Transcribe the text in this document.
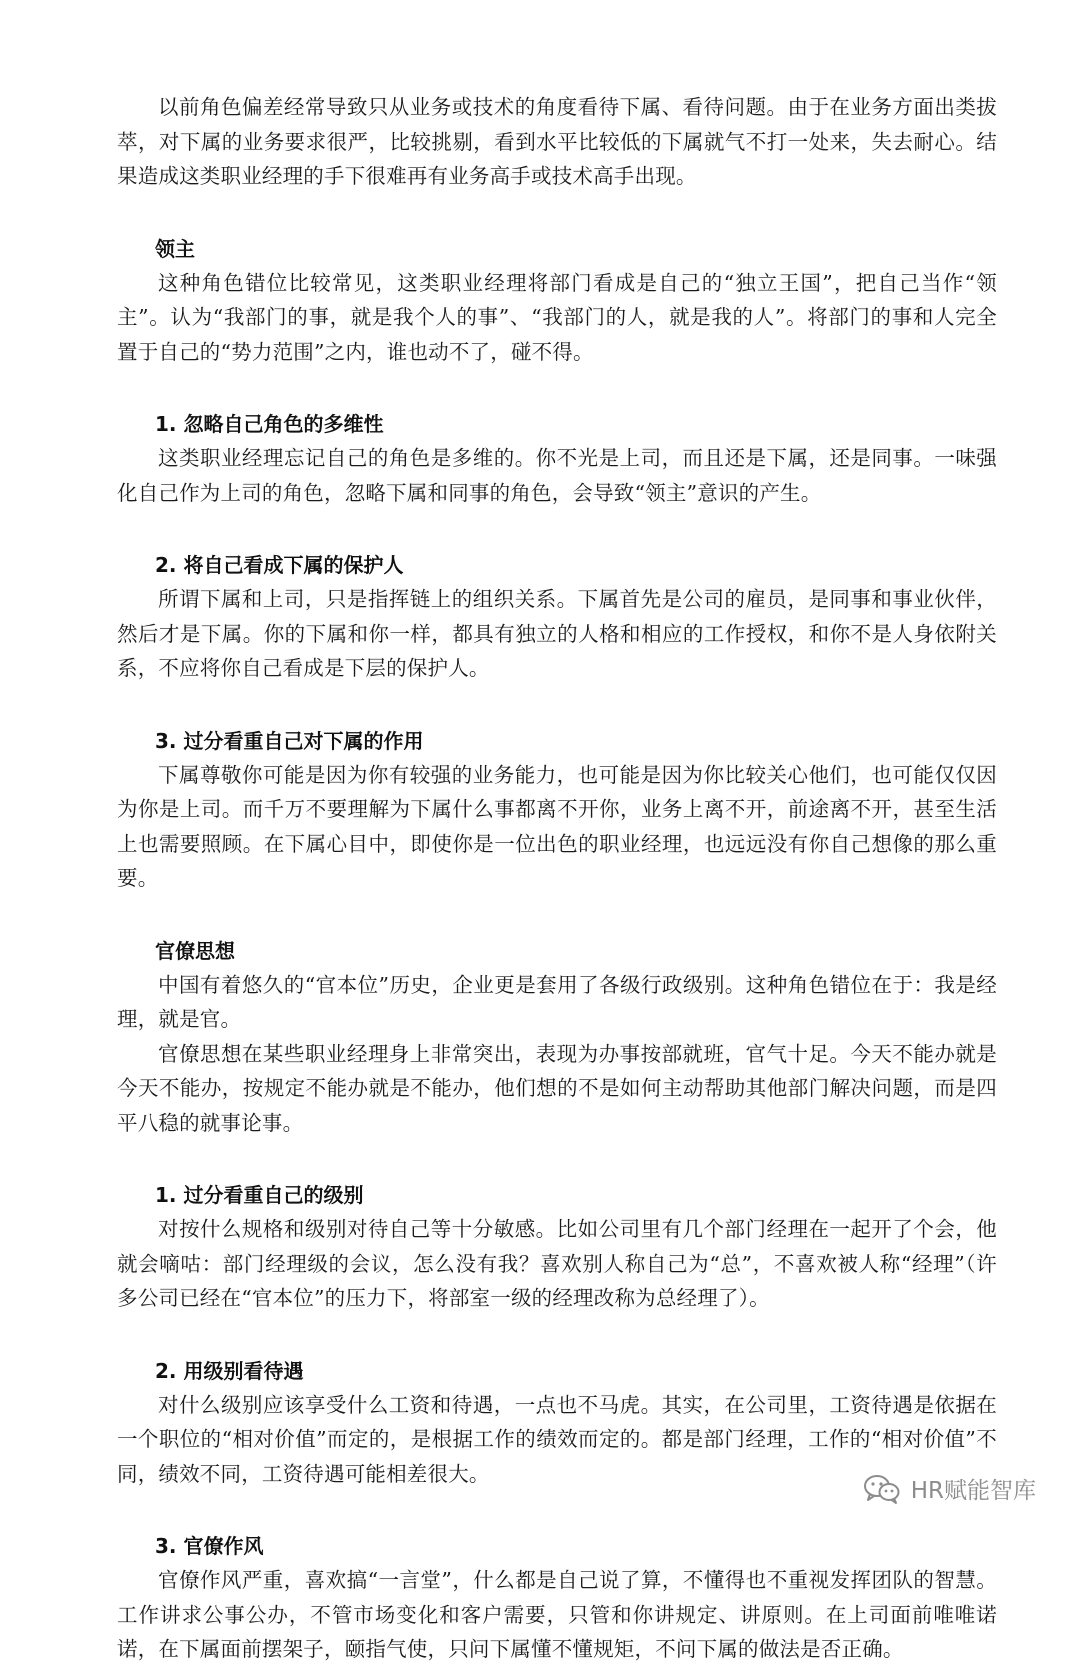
以前角色偏差经常导致只从业务或技术的角度看待下属、看待问题。由于在业务方面出类拔萃，对下属的业务要求很严，比较挑剔，看到水平比较低的下属就气不打一处来，失去耐心。结果造成这类职业经理的手下很难再有业务高手或技术高手出现。

领主

这种角色错位比较常见，这类职业经理将部门看成是自己的“独立王国”，把自己当作“领主”。认为“我部门的事，就是我个人的事”、“我部门的人，就是我的人”。将部门的事和人完全置于自己的“势力范围”之内，谁也动不了，碰不得。

1. 忽略自己角色的多维性

这类职业经理忘记自己的角色是多维的。你不光是上司，而且还是下属，还是同事。一味强化自己作为上司的角色，忽略下属和同事的角色，会导致“领主”意识的产生。

2. 将自己看成下属的保护人

所谓下属和上司，只是指挥链上的组织关系。下属首先是公司的雇员，是同事和事业伙伴，然后才是下属。你的下属和你一样，都具有独立的人格和相应的工作授权，和你不是人身依附关系，不应将你自己看成是下层的保护人。

3. 过分看重自己对下属的作用

下属尊敬你可能是因为你有较强的业务能力，也可能是因为你比较关心他们，也可能仅仅因为你是上司。而千万不要理解为下属什么事都离不开你，业务上离不开，前途离不开，甚至生活上也需要照顾。在下属心目中，即使你是一位出色的职业经理，也远远没有你自己想像的那么重要。

官僚思想

中国有着悠久的“官本位”历史，企业更是套用了各级行政级别。这种角色错位在于：我是经理，就是官。

官僚思想在某些职业经理身上非常突出，表现为办事按部就班，官气十足。今天不能办就是今天不能办，按规定不能办就是不能办，他们想的不是如何主动帮助其他部门解决问题，而是四平八稳的就事论事。

1. 过分看重自己的级别

对按什么规格和级别对待自己等十分敏感。比如公司里有几个部门经理在一起开了个会，他就会嘀咕：部门经理级的会议，怎么没有我？喜欢别人称自己为“总”，不喜欢被人称“经理”（许多公司已经在“官本位”的压力下，将部室一级的经理改称为总经理了）。

2. 用级别看待遇

对什么级别应该享受什么工资和待遇，一点也不马虎。其实，在公司里，工资待遇是依据在一个职位的“相对价值”而定的，是根据工作的绩效而定的。都是部门经理，工作的“相对价值”不同，绩效不同，工资待遇可能相差很大。

3. 官僚作风

官僚作风严重，喜欢搞“一言堂”，什么都是自己说了算，不懂得也不重视发挥团队的智慧。工作讲求公事公办，不管市场变化和客户需要，只管和你讲规定、讲原则。在上司面前唯唯诺诺，在下属面前摆架子，颐指气使，只问下属懂不懂规矩，不问下属的做法是否正确。

HR赋能智库
